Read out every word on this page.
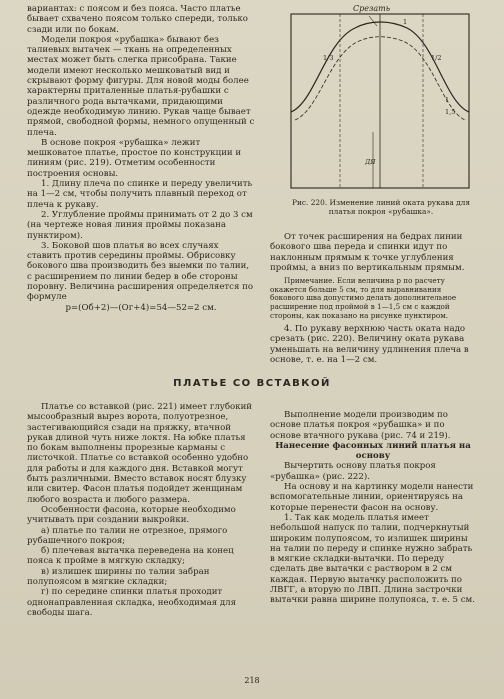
вариантах: с поясом и без пояса. Часто платье бывает схвачено поясом только спереди, только сзади или по бокам.

Модели покроя «рубашка» бывают без талиевых вытачек — ткань на определенных местах может быть слегка присобрана. Такие модели имеют несколько мешковатый вид и скрывают форму фигуры. Для новой моды более характерны приталенные платья-рубашки с различного рода вытачками, придающими одежде необходимую линию. Рукав чаще бывает прямой, свободной формы, немного опущенный с плеча.

В основе покроя «рубашка» лежит мешковатое платье, простое по конструкции и линиям (рис. 219). Отметим особенности построения основы.

1. Длину плеча по спинке и переду увеличить на 1—2 см, чтобы получить плавный переход от плеча к рукаву.

2. Углубление проймы принимать от 2 до 3 см (на чертеже новая линия проймы показана пунктиром).

3. Боковой шов платья во всех случаях ставить против середины проймы. Обрисовку бокового шва производить без выемки по талии, с расширением по линии бедер в обе стороны поровну. Величина расширения определяется по формуле

p=(Об+2)—(Ог+4)=54—52=2 см.

Срезать
1/3	1/2
1
1
1,5
ДЯ
Рис. 220. Изменение линий оката рукава для платья покроя «рубашка».

От точек расширения на бедрах линии бокового шва переда и спинки идут по наклонным прямым к точке углубления проймы, а вниз по вертикальным прямым.

Примечание. Если величина р по расчету окажется больше 5 см, то для выравнивания бокового шва допустимо делать дополнительное расширение под проймой в 1—1,5 см с каждой стороны, как показано на рисунке пунктиром.

4. По рукаву верхнюю часть оката надо срезать (рис. 220). Величину оката рукава уменьшать на величину удлинения плеча в основе, т. е. на 1—2 см.

ПЛАТЬЕ СО ВСТАВКОЙ

Платье со вставкой (рис. 221) имеет глубокий мысообразный вырез ворота, полуотрезное, застегивающийся сзади на пряжку, втачной рукав длиной чуть ниже локтя. На юбке платья по бокам выполнены прорезные карманы с листочкой. Платье со вставкой особенно удобно для работы и для каждого дня. Вставкой могут быть различными. Вместо вставок носят блузку или свитер. Фасон платья подойдет женщинам любого возраста и любого размера.

Особенности фасона, которые необходимо учитывать при создании выкройки.

а) платье по талии не отрезное, прямого рубашечного покроя;

б) плечевая вытачка переведена на конец пояса к пройме в мягкую складку;

в) излишек ширины по талии забран полупоясом в мягкие складки;

г) по середине спинки платья проходит однонаправленная складка, необходимая для свободы шага.

Выполнение модели производим по основе платья покроя «рубашка» и по основе втачного рукава (рис. 74 и 219).

Нанесение фасонных линий платья на основу

Вычертить основу платья покроя «рубашка» (рис. 222).

На основу и на картинку модели нанести вспомогательные линии, ориентируясь на которые перенести фасон на основу.

1. Так как модель платья имеет небольшой напуск по талии, подчеркнутый широким полупоясом, то излишек ширины на талии по переду и спинке нужно забрать в мягкие складки-вытачки. По переду сделать две вытачки с раствором в 2 см каждая. Первую вытачку расположить по ЛВГГ, а вторую по ЛВП. Длина застрочки вытачки равна ширине полупояса, т. е. 5 см.

218
